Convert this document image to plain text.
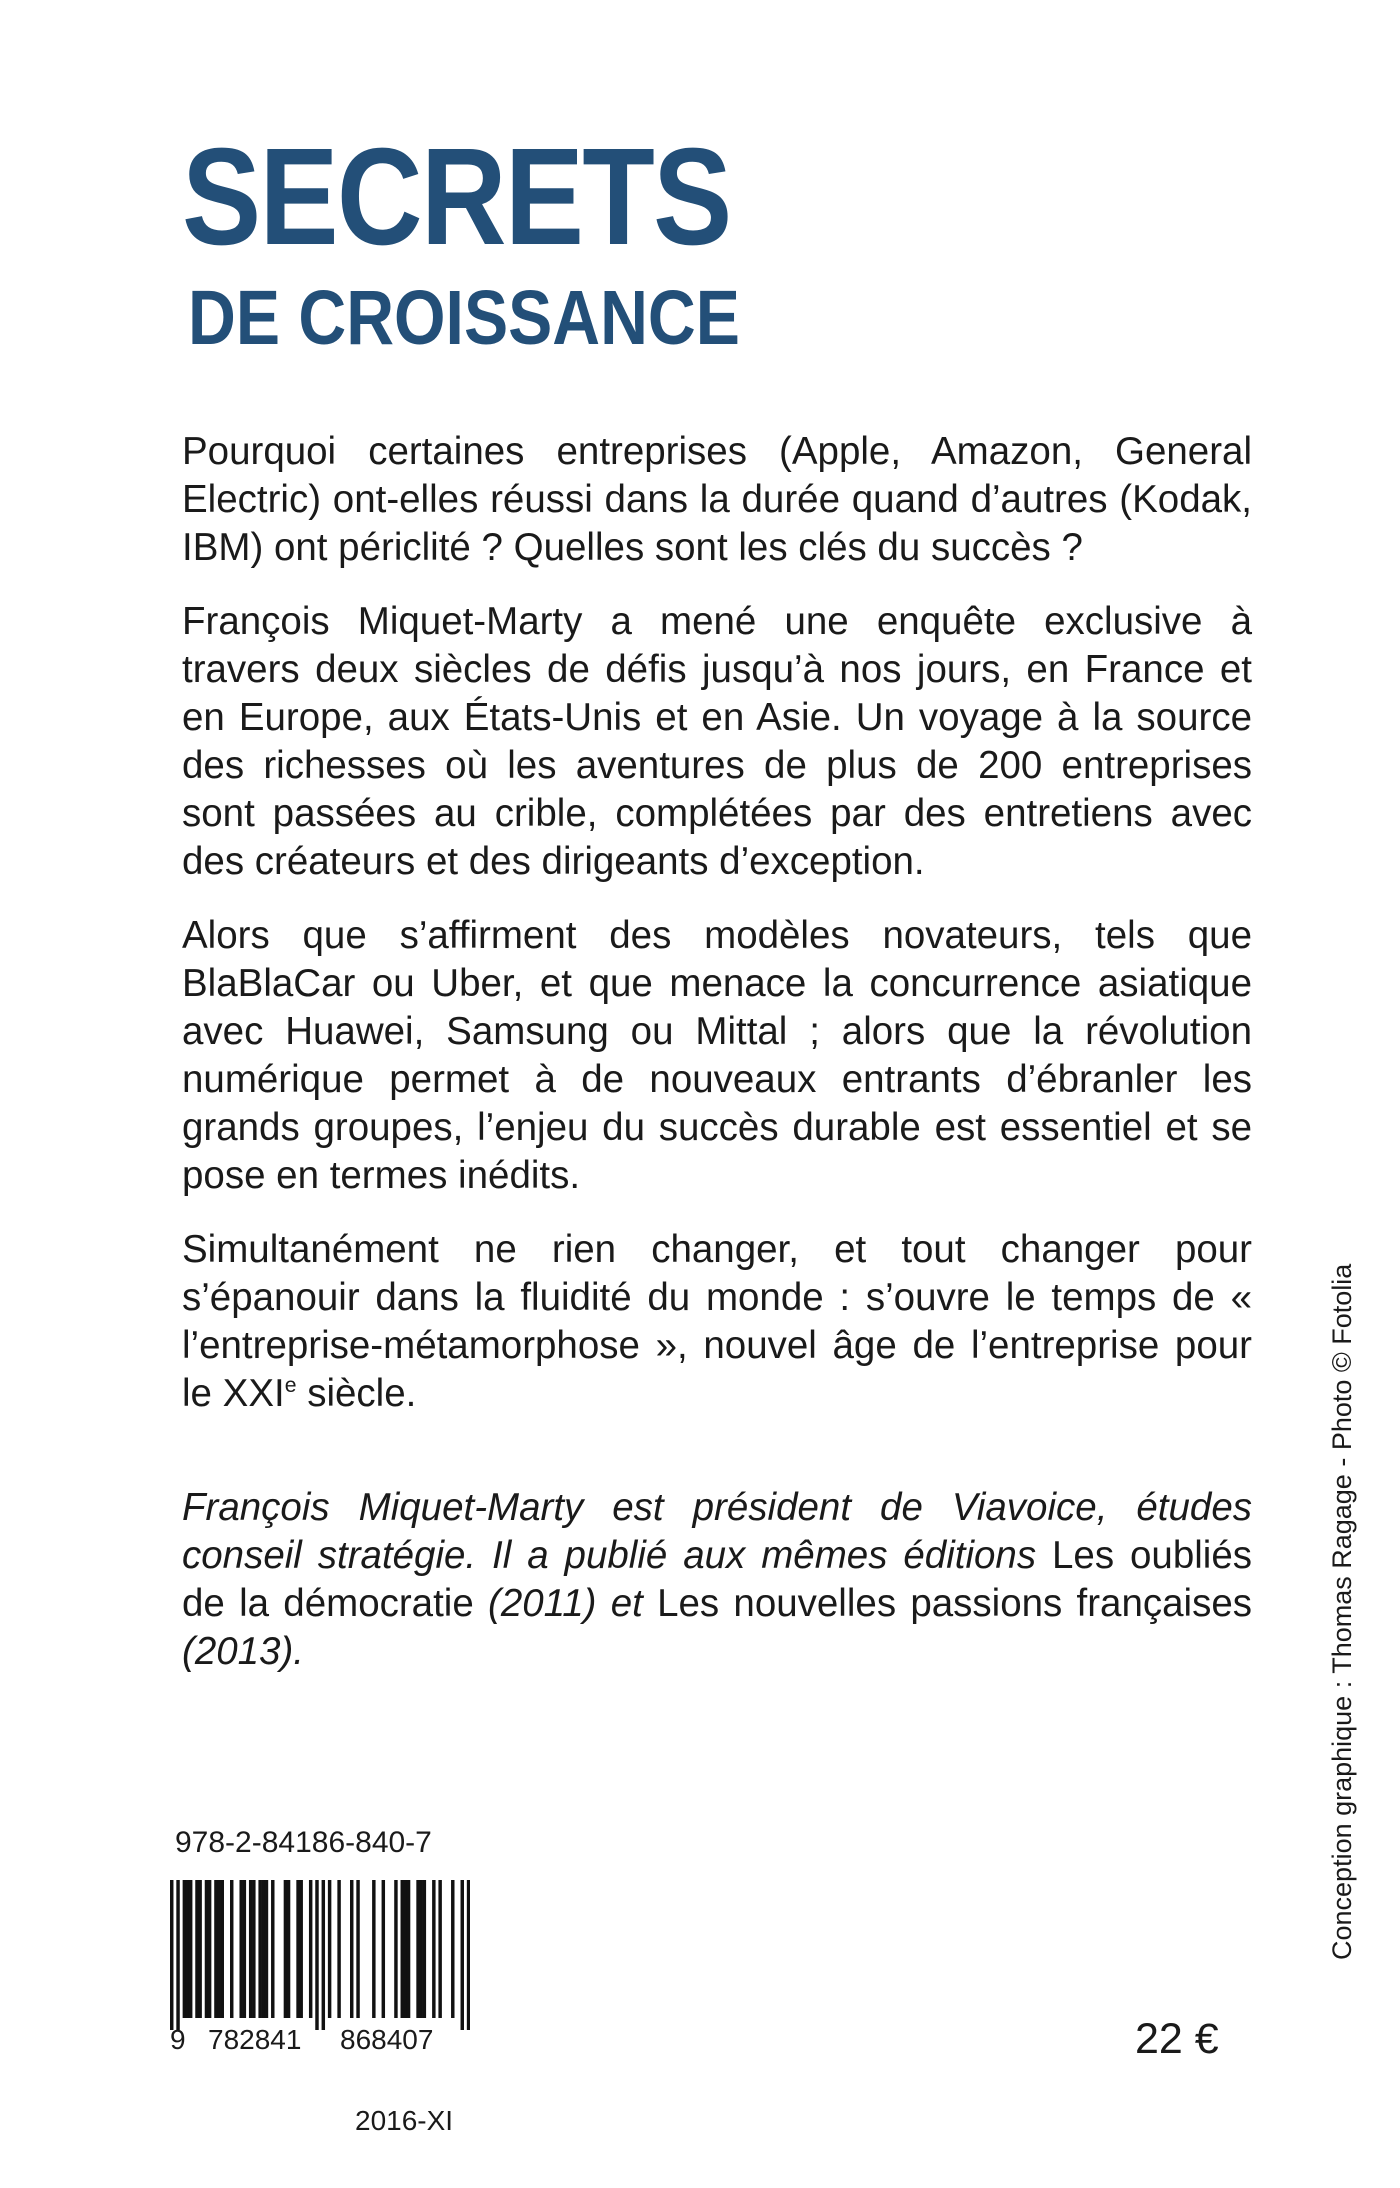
SECRETS
DE CROISSANCE

Pourquoi certaines entreprises (Apple, Amazon, General Electric) ont-elles réussi dans la durée quand d’autres (Kodak, IBM) ont périclité ? Quelles sont les clés du succès ?

François Miquet-Marty a mené une enquête exclusive à travers deux siècles de défis jusqu’à nos jours, en France et en Europe, aux États-Unis et en Asie. Un voyage à la source des richesses où les aventures de plus de 200 entreprises sont passées au crible, complétées par des entretiens avec des créateurs et des dirigeants d’exception.

Alors que s’affirment des modèles novateurs, tels que BlaBlaCar ou Uber, et que menace la concurrence asiatique avec Huawei, Samsung ou Mittal ; alors que la révolution numérique permet à de nouveaux entrants d’ébranler les grands groupes, l’enjeu du succès durable est essentiel et se pose en termes inédits.

Simultanément ne rien changer, et tout changer pour s’épanouir dans la fluidité du monde : s’ouvre le temps de « l’entreprise-métamorphose », nouvel âge de l’entreprise pour le XXIe siècle.

François Miquet-Marty est président de Viavoice, études conseil stratégie. Il a publié aux mêmes éditions Les oubliés de la démocratie (2011) et Les nouvelles passions françaises (2013).	Conception graphique : Thomas Ragage - Photo © Fotolia
978-2-84186-840-7
9 782841 868407
2016-XI
22 €
